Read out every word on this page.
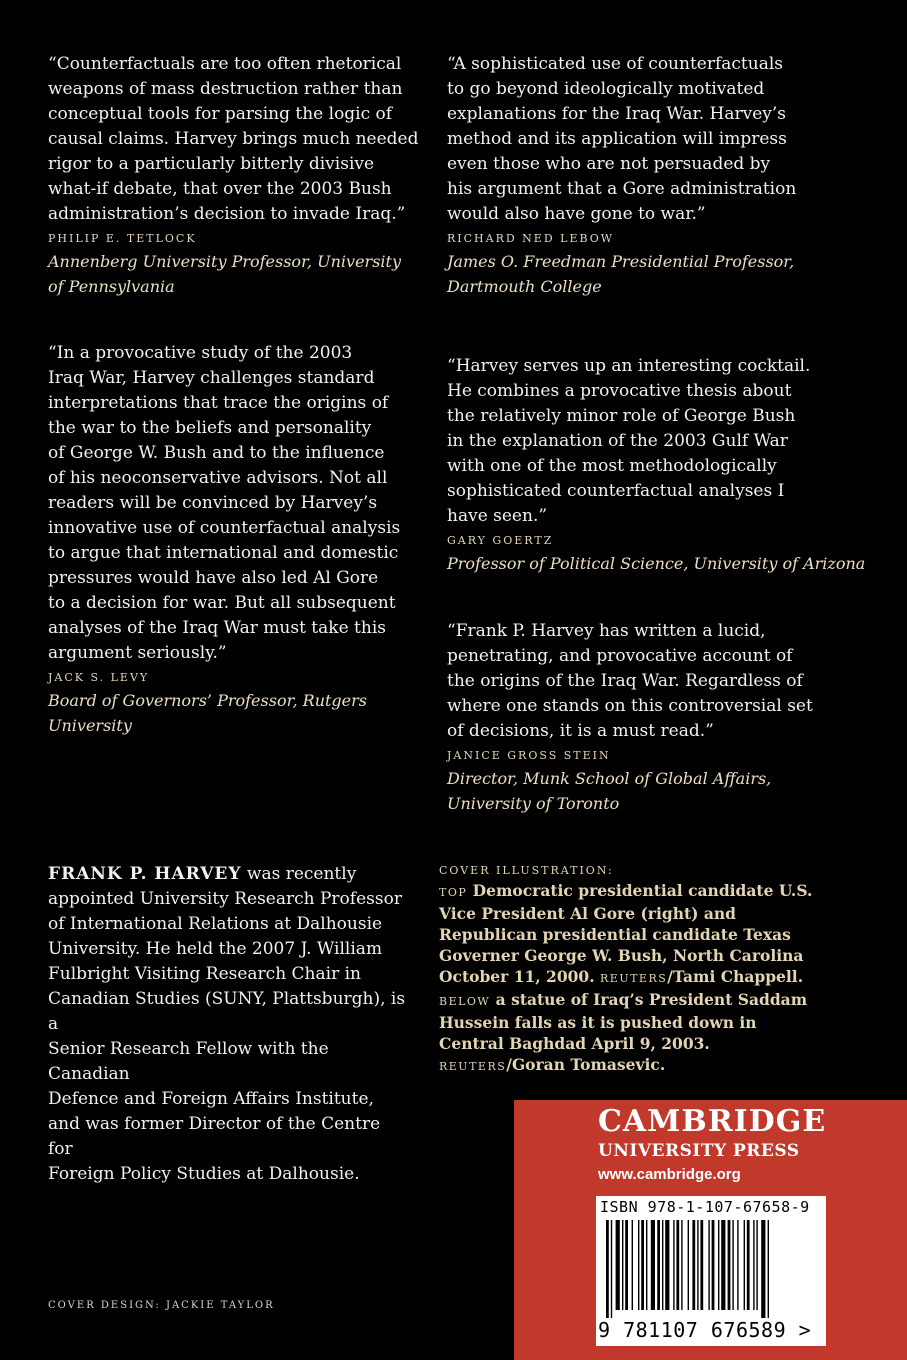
“Counterfactuals are too often rhetorical
weapons of mass destruction rather than
conceptual tools for parsing the logic of
causal claims. Harvey brings much needed
rigor to a particularly bitterly divisive
what-if debate, that over the 2003 Bush
administration’s decision to invade Iraq.”

PHILIP E. TETLOCK
Annenberg University Professor, University
of Pennsylvania

“In a provocative study of the 2003
Iraq War, Harvey challenges standard
interpretations that trace the origins of
the war to the beliefs and personality
of George W. Bush and to the influence
of his neoconservative advisors. Not all
readers will be convinced by Harvey’s
innovative use of counterfactual analysis
to argue that international and domestic
pressures would have also led Al Gore
to a decision for war. But all subsequent
analyses of the Iraq War must take this
argument seriously.”

JACK S. LEVY
Board of Governors’ Professor, Rutgers University

“A sophisticated use of counterfactuals
to go beyond ideologically motivated
explanations for the Iraq War. Harvey’s
method and its application will impress
even those who are not persuaded by
his argument that a Gore administration
would also have gone to war.”

RICHARD NED LEBOW
James O. Freedman Presidential Professor,
Dartmouth College

“Harvey serves up an interesting cocktail.
He combines a provocative thesis about
the relatively minor role of George Bush
in the explanation of the 2003 Gulf War
with one of the most methodologically
sophisticated counterfactual analyses I
have seen.”

GARY GOERTZ
Professor of Political Science, University of Arizona

“Frank P. Harvey has written a lucid,
penetrating, and provocative account of
the origins of the Iraq War. Regardless of
where one stands on this controversial set
of decisions, it is a must read.”

JANICE GROSS STEIN
Director, Munk School of Global Affairs,
University of Toronto
FRANK P. HARVEY was recently
appointed University Research Professor
of International Relations at Dalhousie
University. He held the 2007 J. William
Fulbright Visiting Research Chair in
Canadian Studies (SUNY, Plattsburgh), is a
Senior Research Fellow with the Canadian
Defence and Foreign Affairs Institute,
and was former Director of the Centre for
Foreign Policy Studies at Dalhousie.
COVER ILLUSTRATION:
TOP Democratic presidential candidate U.S. Vice President Al Gore (right) and Republican presidential candidate Texas Governer George W. Bush, North Carolina October 11, 2000. REUTERS/Tami Chappell.
BELOW a statue of Iraq’s President Saddam Hussein falls as it is pushed down in Central Baghdad April 9, 2003. REUTERS/Goran Tomasevic.
COVER DESIGN: JACKIE TAYLOR
CAMBRIDGE
UNIVERSITY PRESS
www.cambridge.org
ISBN 978-1-107-67658-9
9 781107 676589 >
